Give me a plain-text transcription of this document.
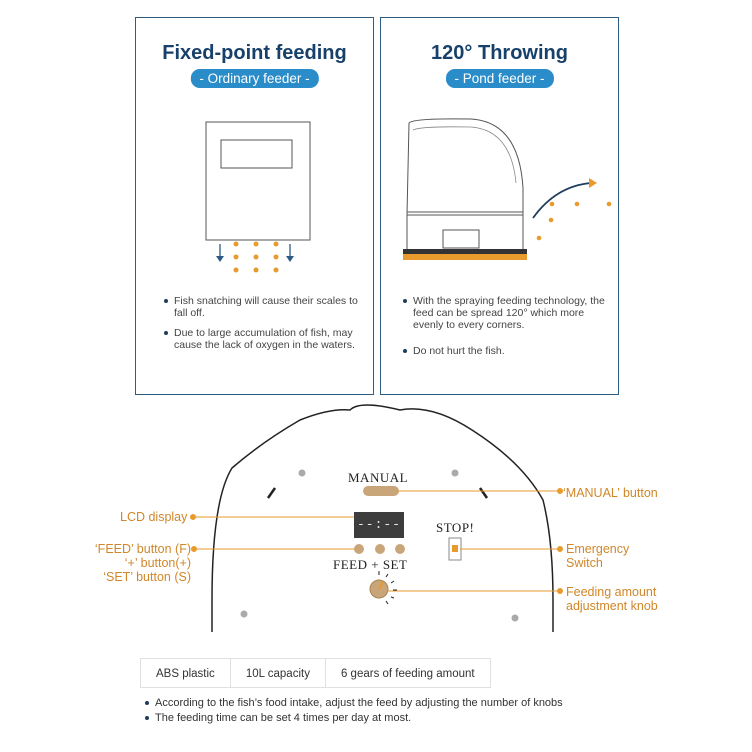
Fixed-point feeding
- Ordinary feeder -
Fish snatching will cause their scales to fall off.
Due to large accumulation of fish, may cause the lack of oxygen in the waters.
120° Throwing
- Pond feeder -
With the spraying feeding technology, the feed can be spread 120° which more evenly to every corners.
Do not hurt the fish.
MANUAL
--:--	STOP!
FEED + SET
‘MANUAL’ button
LCD display
‘FEED’ button (F)
‘+’ button(+)
‘SET’ button (S)
Emergency
Switch
Feeding amount
adjustment knob
ABS plastic	10L capacity	6 gears of feeding amount
According to the fish’s food intake, adjust the feed by adjusting the number of knobs
The feeding time can be set 4 times per day at most.
